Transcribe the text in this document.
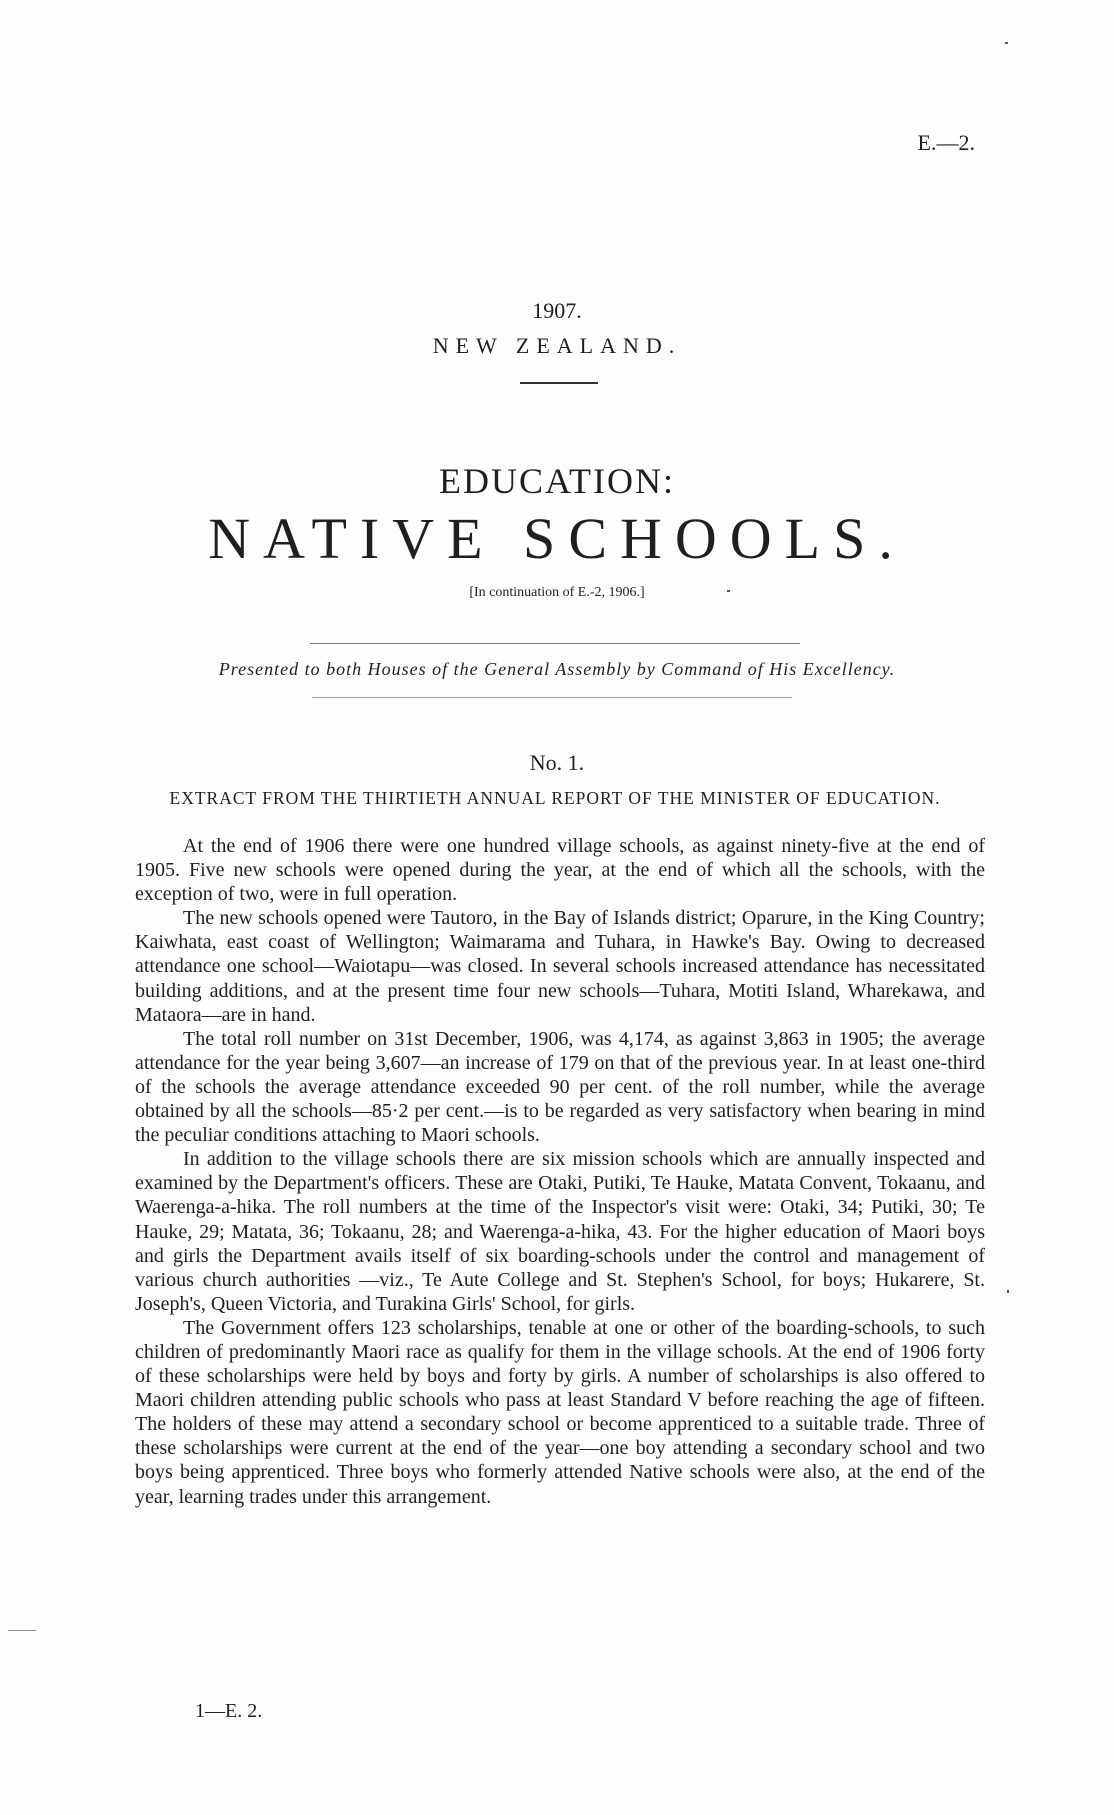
E.—2.
1907.
NEW ZEALAND.
EDUCATION:
NATIVE SCHOOLS.
[In continuation of E.-2, 1906.]
Presented to both Houses of the General Assembly by Command of His Excellency.
No. 1.
EXTRACT FROM THE THIRTIETH ANNUAL REPORT OF THE MINISTER OF EDUCATION.

At the end of 1906 there were one hundred village schools, as against ninety-five at the end of 1905. Five new schools were opened during the year, at the end of which all the schools, with the exception of two, were in full operation.

The new schools opened were Tautoro, in the Bay of Islands district; Oparure, in the King Country; Kaiwhata, east coast of Wellington; Waimarama and Tuhara, in Hawke's Bay. Owing to decreased attendance one school—Waiotapu—was closed. In several schools increased attendance has necessitated building additions, and at the present time four new schools—Tuhara, Motiti Island, Wharekawa, and Mataora—are in hand.

The total roll number on 31st December, 1906, was 4,174, as against 3,863 in 1905; the average attendance for the year being 3,607—an increase of 179 on that of the previous year. In at least one-third of the schools the average attendance exceeded 90 per cent. of the roll number, while the average obtained by all the schools—85·2 per cent.—is to be regarded as very satisfactory when bearing in mind the peculiar conditions attaching to Maori schools.

In addition to the village schools there are six mission schools which are annually inspected and examined by the Department's officers. These are Otaki, Putiki, Te Hauke, Matata Convent, Tokaanu, and Waerenga-a-hika. The roll numbers at the time of the Inspector's visit were: Otaki, 34; Putiki, 30; Te Hauke, 29; Matata, 36; Tokaanu, 28; and Waerenga-a-hika, 43. For the higher education of Maori boys and girls the Department avails itself of six boarding-schools under the control and management of various church authorities —viz., Te Aute College and St. Stephen's School, for boys; Hukarere, St. Joseph's, Queen Victoria, and Turakina Girls' School, for girls.

The Government offers 123 scholarships, tenable at one or other of the boarding-schools, to such children of predominantly Maori race as qualify for them in the village schools. At the end of 1906 forty of these scholarships were held by boys and forty by girls. A number of scholarships is also offered to Maori children attending public schools who pass at least Standard V before reaching the age of fifteen. The holders of these may attend a secondary school or become apprenticed to a suitable trade. Three of these scholarships were current at the end of the year—one boy attending a secondary school and two boys being apprenticed. Three boys who formerly attended Native schools were also, at the end of the year, learning trades under this arrangement.

1—E. 2.
